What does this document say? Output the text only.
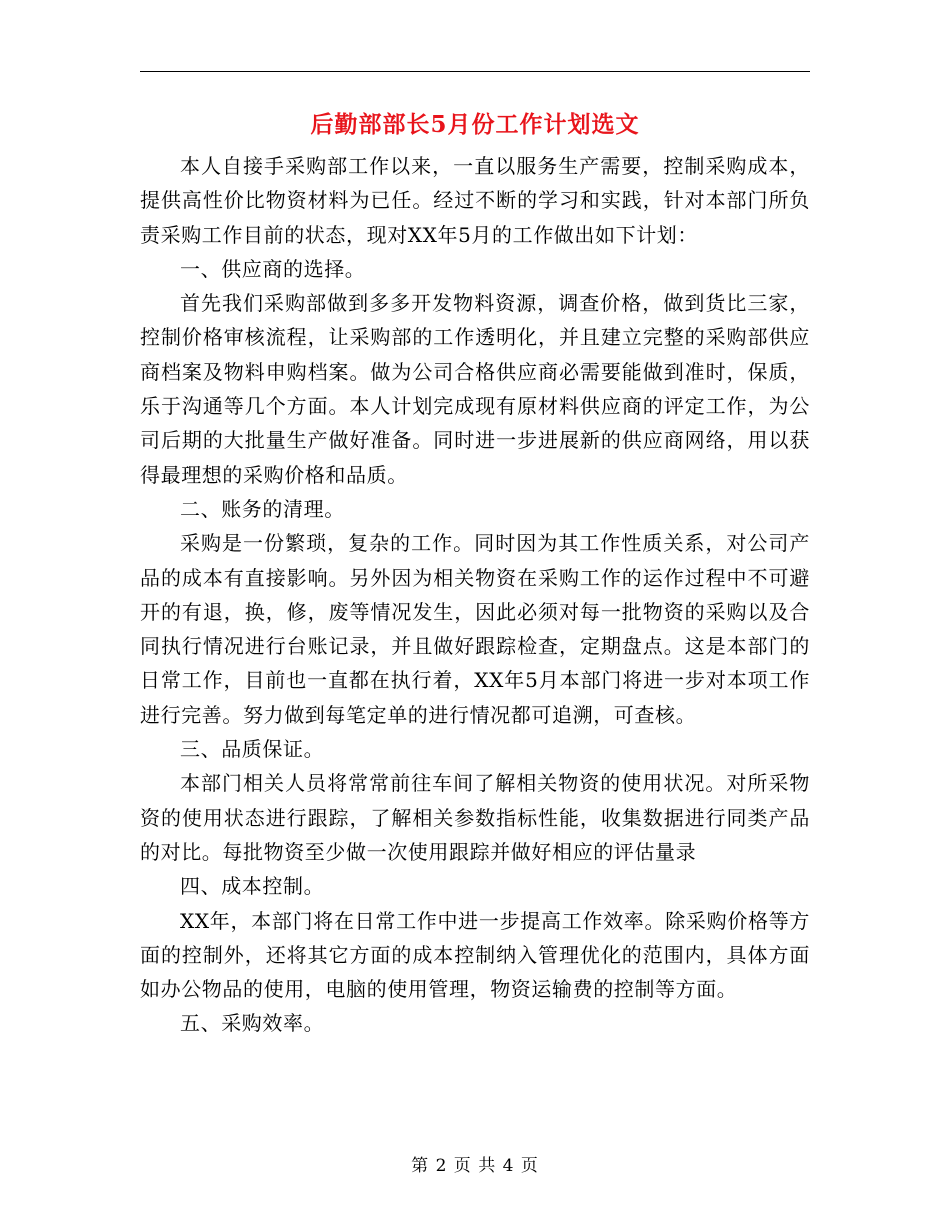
后勤部部长5月份工作计划选文

本人自接手采购部工作以来，一直以服务生产需要，控制采购成本，提供高性价比物资材料为已任。经过不断的学习和实践，针对本部门所负责采购工作目前的状态，现对XX年5月的工作做出如下计划：

一、供应商的选择。

首先我们采购部做到多多开发物料资源，调查价格，做到货比三家，控制价格审核流程，让采购部的工作透明化，并且建立完整的采购部供应商档案及物料申购档案。做为公司合格供应商必需要能做到准时，保质，乐于沟通等几个方面。本人计划完成现有原材料供应商的评定工作，为公司后期的大批量生产做好准备。同时进一步进展新的供应商网络，用以获得最理想的采购价格和品质。

二、账务的清理。

采购是一份繁琐，复杂的工作。同时因为其工作性质关系，对公司产品的成本有直接影响。另外因为相关物资在采购工作的运作过程中不可避开的有退，换，修，废等情况发生，因此必须对每一批物资的采购以及合同执行情况进行台账记录，并且做好跟踪检查，定期盘点。这是本部门的日常工作，目前也一直都在执行着，XX年5月本部门将进一步对本项工作进行完善。努力做到每笔定单的进行情况都可追溯，可查核。

三、品质保证。

本部门相关人员将常常前往车间了解相关物资的使用状况。对所采物资的使用状态进行跟踪，了解相关参数指标性能，收集数据进行同类产品的对比。每批物资至少做一次使用跟踪并做好相应的评估量录

四、成本控制。

XX年，本部门将在日常工作中进一步提高工作效率。除采购价格等方面的控制外，还将其它方面的成本控制纳入管理优化的范围内，具体方面如办公物品的使用，电脑的使用管理，物资运输费的控制等方面。

五、采购效率。

第 2 页 共 4 页
